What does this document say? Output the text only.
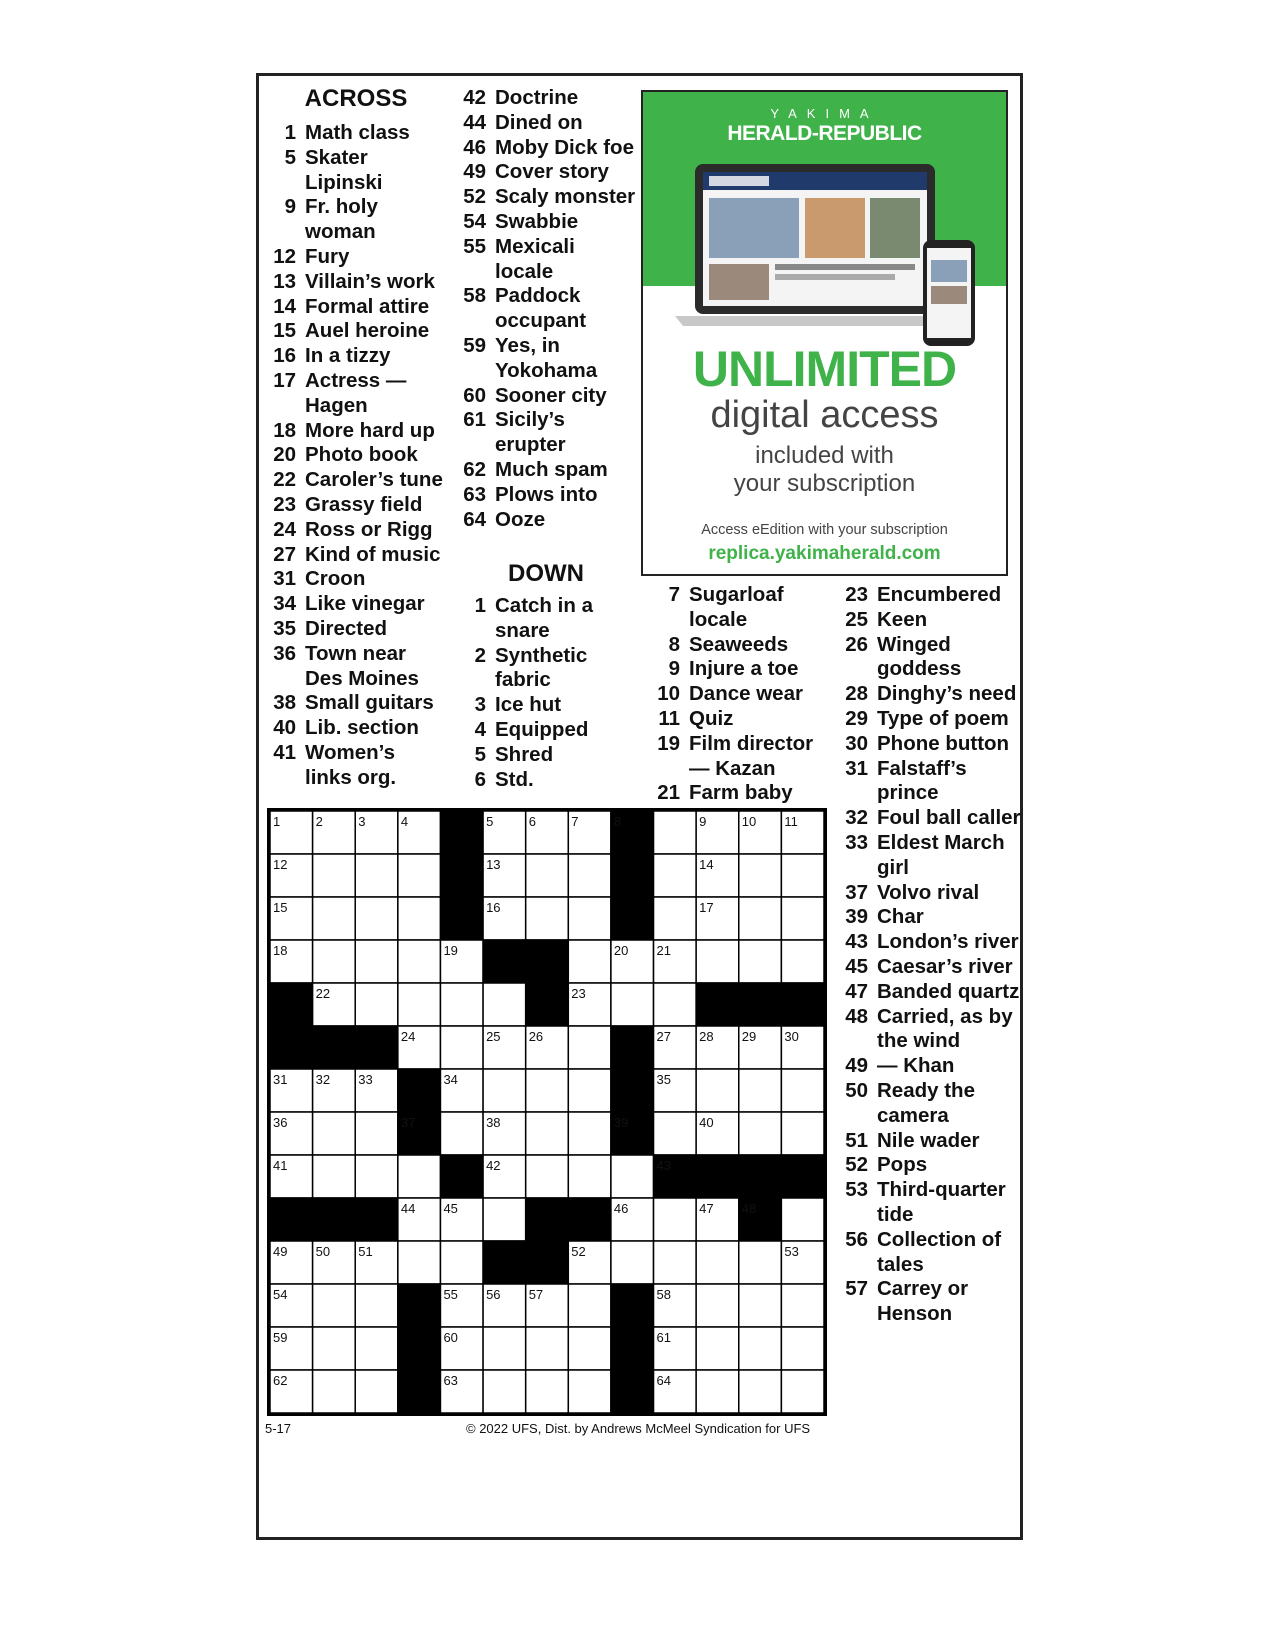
ACROSS
1 Math class
5 Skater Lipinski
9 Fr. holy woman
12 Fury
13 Villain’s work
14 Formal attire
15 Auel heroine
16 In a tizzy
17 Actress — Hagen
18 More hard up
20 Photo book
22 Caroler’s tune
23 Grassy field
24 Ross or Rigg
27 Kind of music
31 Croon
34 Like vinegar
35 Directed
36 Town near Des Moines
38 Small guitars
40 Lib. section
41 Women’s links org.
42 Doctrine
44 Dined on
46 Moby Dick foe
49 Cover story
52 Scaly monster
54 Swabbie
55 Mexicali locale
58 Paddock occupant
59 Yes, in Yokohama
60 Sooner city
61 Sicily’s erupter
62 Much spam
63 Plows into
64 Ooze
DOWN
1 Catch in a snare
2 Synthetic fabric
3 Ice hut
4 Equipped
5 Shred
6 Std.
7 Sugarloaf locale
8 Seaweeds
9 Injure a toe
10 Dance wear
11 Quiz
19 Film director — Kazan
21 Farm baby
23 Encumbered
25 Keen
26 Winged goddess
28 Dinghy’s need
29 Type of poem
30 Phone button
31 Falstaff’s prince
32 Foul ball caller
33 Eldest March girl
37 Volvo rival
39 Char
43 London’s river
45 Caesar’s river
47 Banded quartz
48 Carried, as by the wind
49 — Khan
50 Ready the camera
51 Nile wader
52 Pops
53 Third-quarter tide
56 Collection of tales
57 Carrey or Henson
YAKIMA
HERALD-REPUBLIC
UNLIMITED
digital access
included with
your subscription
Access eEdition with your subscription
replica.yakimaherald.com
1	2	3	4	5	6	7	8	9	10 11
12	13	14
15	16	17
18	19	20 21
22	23
24	25 26	27 28 29 30
31 32 33	34	35
36	37	38	39	40
41	42	43
44 45	46	47 48
49 50 51	52	53
54	55 56 57	58
59	60	61
62	63	64
5-17	© 2022 UFS, Dist. by Andrews McMeel Syndication for UFS
